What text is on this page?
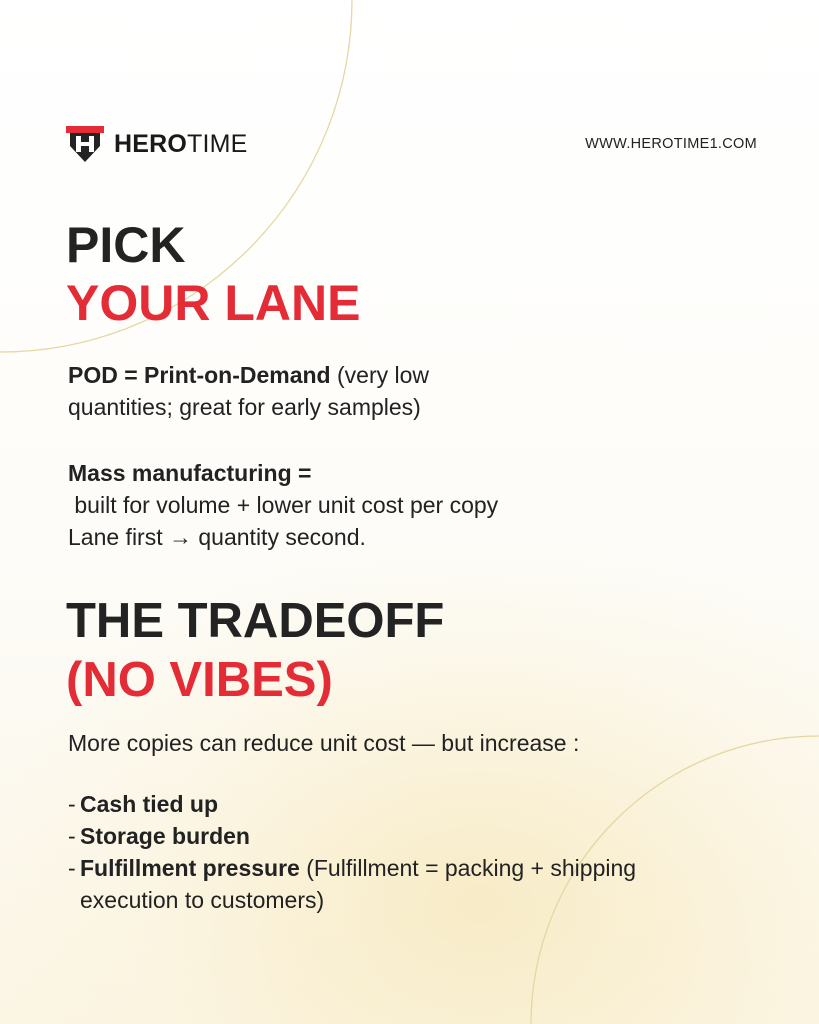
HEROTIME	WWW.HEROTIME1.COM
PICK
YOUR LANE
POD = Print-on-Demand (very low
quantities; great for early samples)
Mass manufacturing =
built for volume + lower unit cost per copy
Lane first → quantity second.
THE TRADEOFF
(NO VIBES)
More copies can reduce unit cost — but increase :
- Cash tied up
- Storage burden
- Fulfillment pressure (Fulfillment = packing + shipping
execution to customers)
